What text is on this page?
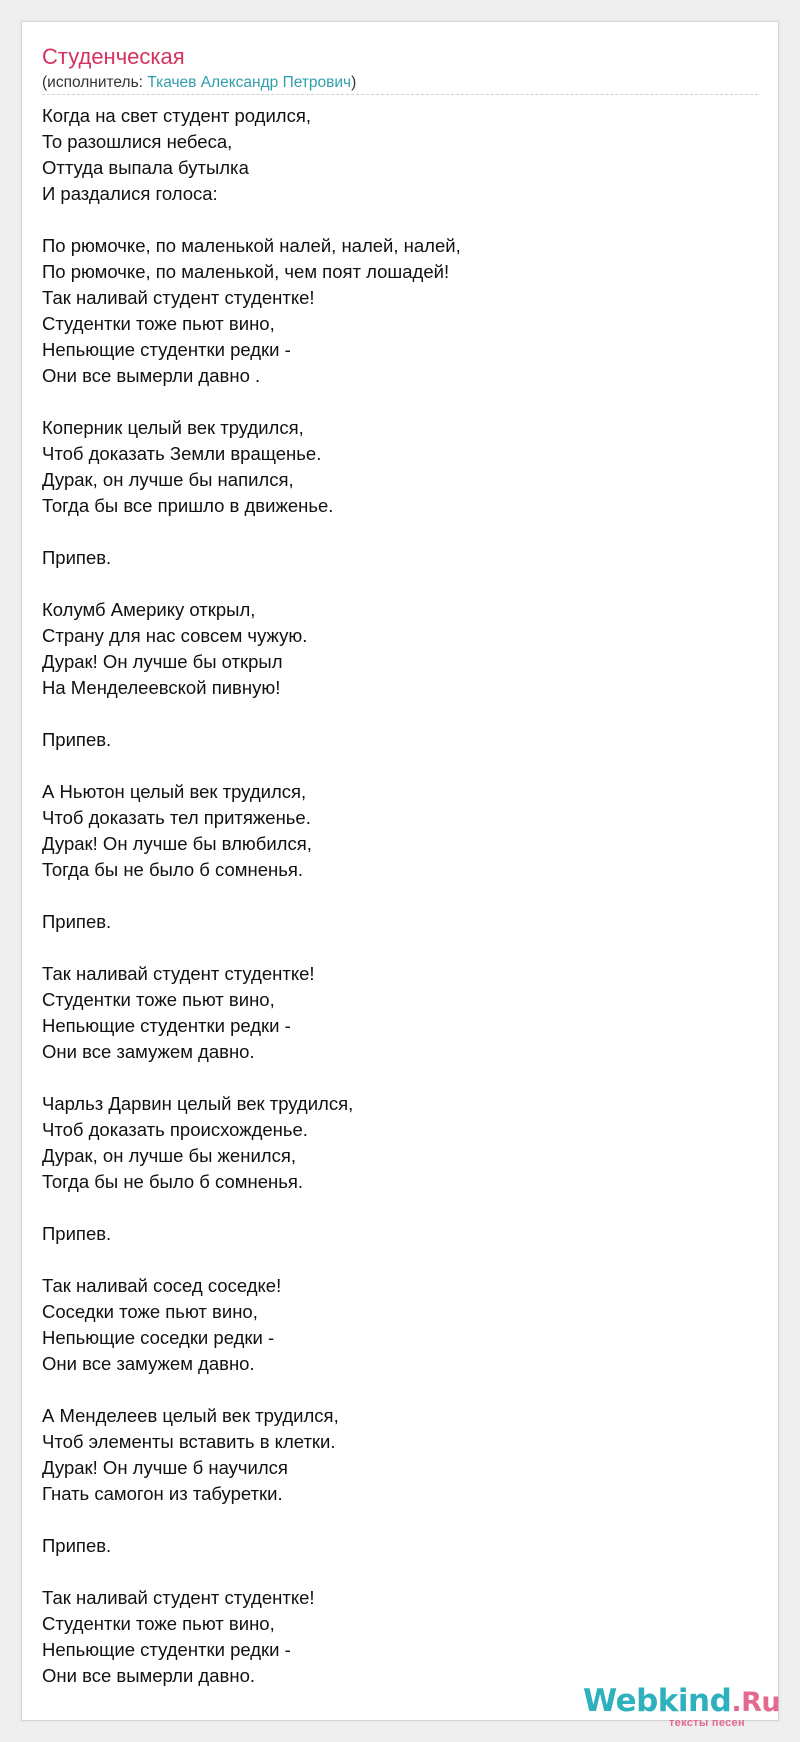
Студенческая
(исполнитель: Ткачев Александр Петрович)
Когда на свет студент родился,
То разошлися небеса,
Оттуда выпала бутылка
И раздалися голоса:
По рюмочке, по маленькой налей, налей, налей,
По рюмочке, по маленькой, чем поят лошадей!
Так наливай студент студентке!
Студентки тоже пьют вино,
Непьющие студентки редки -
Они все вымерли давно .
Коперник целый век трудился,
Чтоб доказать Земли вращенье.
Дурак, он лучше бы напился,
Тогда бы все пришло в движенье.
Припев.
Колумб Америку открыл,
Страну для нас совсем чужую.
Дурак! Он лучше бы открыл
На Менделеевской пивную!
Припев.
А Ньютон целый век трудился,
Чтоб доказать тел притяженье.
Дурак! Он лучше бы влюбился,
Тогда бы не было б сомненья.
Припев.
Так наливай студент студентке!
Студентки тоже пьют вино,
Непьющие студентки редки -
Они все замужем давно.
Чарльз Дарвин целый век трудился,
Чтоб доказать происхожденье.
Дурак, он лучше бы женился,
Тогда бы не было б сомненья.
Припев.
Так наливай сосед соседке!
Соседки тоже пьют вино,
Непьющие соседки редки -
Они все замужем давно.
А Менделеев целый век трудился,
Чтоб элементы вставить в клетки.
Дурак! Он лучше б научился
Гнать самогон из табуретки.
Припев.
Так наливай студент студентке!
Студентки тоже пьют вино,
Непьющие студентки редки -
Они все вымерли давно.
Webkind.Ru
тексты песен
